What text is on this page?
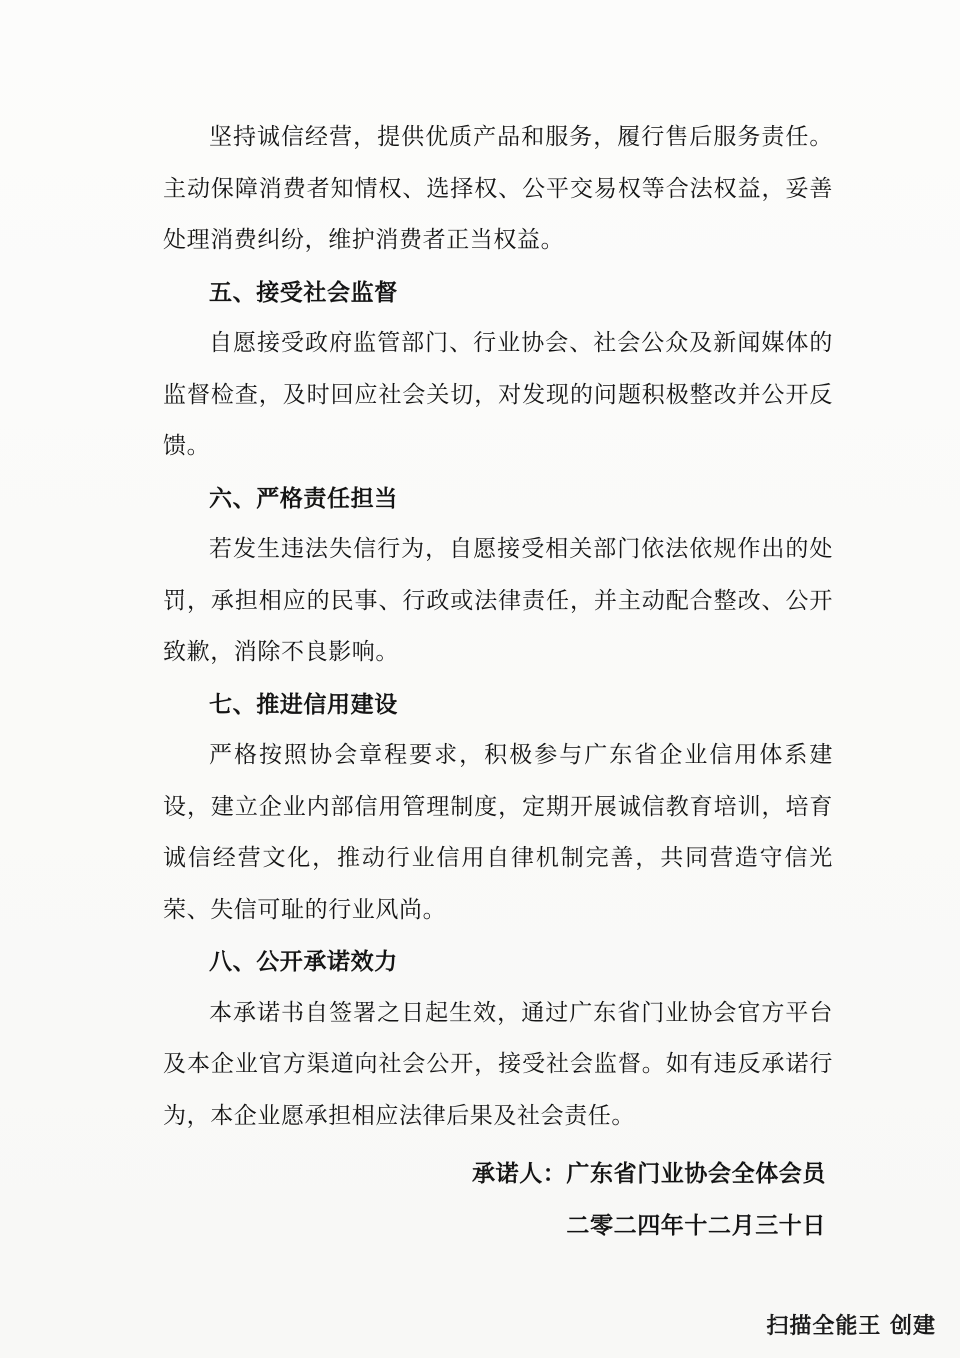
坚持诚信经营，提供优质产品和服务，履行售后服务责任。主动保障消费者知情权、选择权、公平交易权等合法权益，妥善处理消费纠纷，维护消费者正当权益。

五、接受社会监督

自愿接受政府监管部门、行业协会、社会公众及新闻媒体的监督检查，及时回应社会关切，对发现的问题积极整改并公开反馈。

六、严格责任担当

若发生违法失信行为，自愿接受相关部门依法依规作出的处罚，承担相应的民事、行政或法律责任，并主动配合整改、公开致歉，消除不良影响。

七、推进信用建设

严格按照协会章程要求，积极参与广东省企业信用体系建设，建立企业内部信用管理制度，定期开展诚信教育培训，培育诚信经营文化，推动行业信用自律机制完善，共同营造守信光荣、失信可耻的行业风尚。

八、公开承诺效力

本承诺书自签署之日起生效，通过广东省门业协会官方平台及本企业官方渠道向社会公开，接受社会监督。如有违反承诺行为，本企业愿承担相应法律后果及社会责任。

承诺人：广东省门业协会全体会员
二零二四年十二月三十日
扫描全能王 创建
